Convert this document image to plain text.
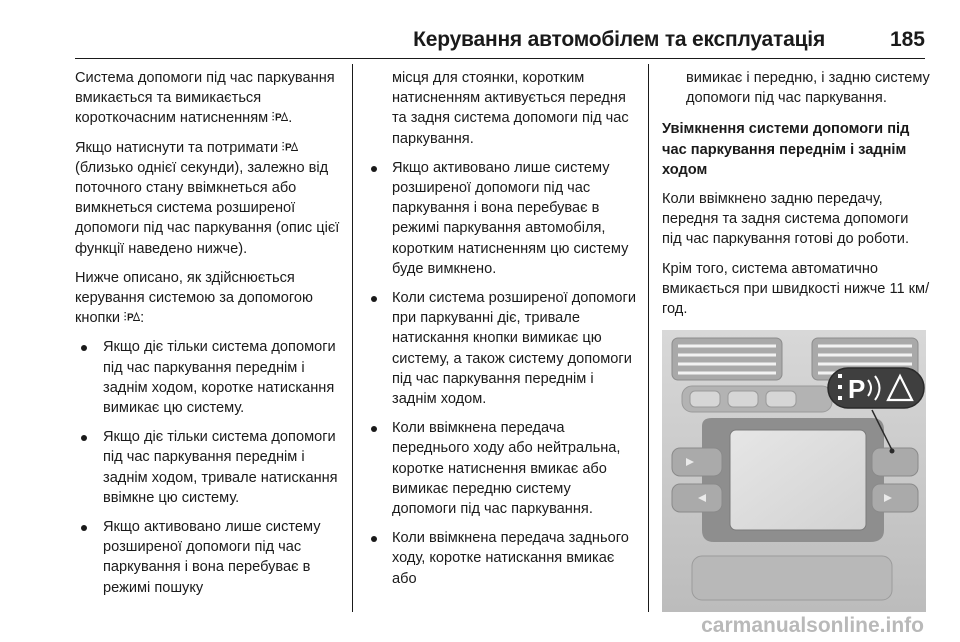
Керування автомобілем та експлуатація	185

Система допомоги під час паркування вмикається та вимикається короткочасним натисненням P .

Якщо натиснути та потримати P
(близько однієї секунди), залежно від поточного стану ввімкнеться або вимкнеться система розширеної допомоги під час паркування (опис цієї функції наведено нижче).

Нижче описано, як здійснюється керування системою за допомогою кнопки P :

Якщо діє тільки система допомоги під час паркування переднім і заднім ходом, коротке натискання вимикає цю систему.
Якщо діє тільки система допомоги під час паркування переднім і заднім ходом, тривале натискання ввімкне цю систему.
Якщо активовано лише систему розширеної допомоги під час паркування і вона перебуває в режимі пошуку
місця для стоянки, коротким натисненням активується передня та задня система допомоги під час паркування.
Якщо активовано лише систему розширеної допомоги під час паркування і вона перебуває в режимі паркування автомобіля, коротким натисненням цю систему буде вимкнено.
Коли система розширеної допомоги при паркуванні діє, тривале натискання кнопки вимикає цю систему, а також систему допомоги під час паркування переднім і заднім ходом.
Коли ввімкнена передача переднього ходу або нейтральна, коротке натиснення вмикає або вимикає передню систему допомоги під час паркування.
Коли ввімкнена передача заднього ходу, коротке натискання вмикає або
вимикає і передню, і задню систему допомоги під час паркування.

Увімкнення системи допомоги під час паркування переднім і заднім ходом

Коли ввімкнено задню передачу, передня та задня система допомоги під час паркування готові до роботи.

Крім того, система автоматично вмикається при швидкості нижче 11 км/год.

P
carmanualsonline.info
